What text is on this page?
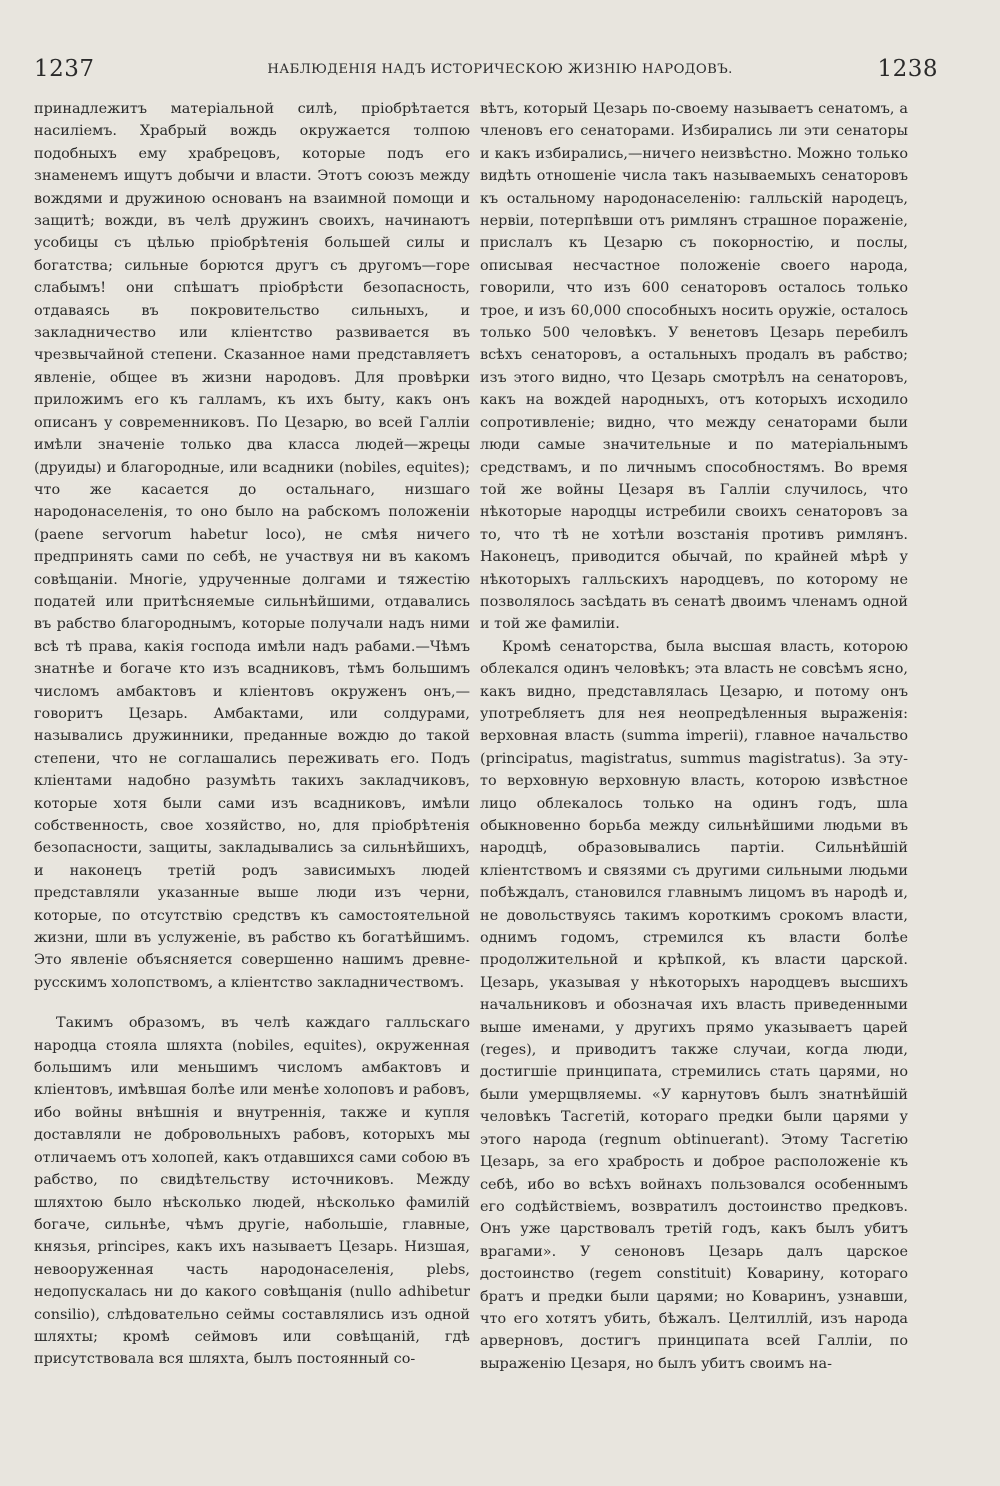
1237	НАБЛЮДЕНІЯ НАДЪ ИСТОРИЧЕСКОЮ ЖИЗНІЮ НАРОДОВЪ.	1238

принадлежитъ матеріальной силѣ, пріобрѣтается насиліемъ. Храбрый вождь окружается толпою подобныхъ ему храбрецовъ, которые подъ его знаменемъ ищутъ добычи и власти. Этотъ союзъ между вождями и дружиною основанъ на взаимной помощи и защитѣ; вожди, въ челѣ дружинъ своихъ, начинаютъ усобицы съ цѣлью пріобрѣтенія большей силы и богатства; сильные борются другъ съ другомъ—горе слабымъ! они спѣшатъ пріобрѣсти безопасность, отдаваясь въ покровительство сильныхъ, и закладничество или кліентство развивается въ чрезвычайной степени. Сказанное нами представляетъ явленіе, общее въ жизни народовъ. Для провѣрки приложимъ его къ галламъ, къ ихъ быту, какъ онъ описанъ у современниковъ. По Цезарю, во всей Галліи имѣли значеніе только два класса людей—жрецы (друиды) и благородные, или всадники (nobiles, equites); что же касается до остальнаго, низшаго народонаселенія, то оно было на рабскомъ положеніи (paene servorum habetur loco), не смѣя ничего предпринять сами по себѣ, не участвуя ни въ какомъ совѣщаніи. Многіе, удрученные долгами и тяжестію податей или притѣсняемые сильнѣйшими, отдавались въ рабство благороднымъ, которые получали надъ ними всѣ тѣ права, какія господа имѣли надъ рабами.—Чѣмъ знатнѣе и богаче кто изъ всадниковъ, тѣмъ большимъ числомъ амбактовъ и кліентовъ окруженъ онъ,—говоритъ Цезарь. Амбактами, или солдурами, назывались дружинники, преданные вождю до такой степени, что не соглашались переживать его. Подъ кліентами надобно разумѣть такихъ закладчиковъ, которые хотя были сами изъ всадниковъ, имѣли собственность, свое хозяйство, но, для пріобрѣтенія безопасности, защиты, закладывались за сильнѣйшихъ, и наконецъ третій родъ зависимыхъ людей представляли указанные выше люди изъ черни, которые, по отсутствію средствъ къ самостоятельной жизни, шли въ услуженіе, въ рабство къ богатѣйшимъ. Это явленіе объясняется совершенно нашимъ древне-русскимъ холопствомъ, а кліентство закладничествомъ.

Такимъ образомъ, въ челѣ каждаго галльскаго народца стояла шляхта (nobiles, equites), окруженная большимъ или меньшимъ числомъ амбактовъ и кліентовъ, имѣвшая болѣе или менѣе холоповъ и рабовъ, ибо войны внѣшнія и внутреннія, также и купля доставляли не добровольныхъ рабовъ, которыхъ мы отличаемъ отъ холопей, какъ отдавшихся сами собою въ рабство, по свидѣтельству источниковъ. Между шляхтою было нѣсколько людей, нѣсколько фамилій богаче, сильнѣе, чѣмъ другіе, набольшіе, главные, князья, principes, какъ ихъ называетъ Цезарь. Низшая, невооруженная часть народонаселенія, plebs, недопускалась ни до какого совѣщанія (nullo adhibetur consilio), слѣдовательно сеймы составлялись изъ одной шляхты; кромѣ сеймовъ или совѣщаній, гдѣ присутствовала вся шляхта, былъ постоянный со-

вѣтъ, который Цезарь по-своему называетъ сенатомъ, а членовъ его сенаторами. Избирались ли эти сенаторы и какъ избирались,—ничего неизвѣстно. Можно только видѣть отношеніе числа такъ называемыхъ сенаторовъ къ остальному народонаселенію: галльскій народецъ, нервіи, потерпѣвши отъ римлянъ страшное пораженіе, прислалъ къ Цезарю съ покорностію, и послы, описывая несчастное положеніе своего народа, говорили, что изъ 600 сенаторовъ осталось только трое, и изъ 60,000 способныхъ носить оружіе, осталось только 500 человѣкъ. У венетовъ Цезарь перебилъ всѣхъ сенаторовъ, а остальныхъ продалъ въ рабство; изъ этого видно, что Цезарь смотрѣлъ на сенаторовъ, какъ на вождей народныхъ, отъ которыхъ исходило сопротивленіе; видно, что между сенаторами были люди самые значительные и по матеріальнымъ средствамъ, и по личнымъ способностямъ. Во время той же войны Цезаря въ Галліи случилось, что нѣкоторые народцы истребили своихъ сенаторовъ за то, что тѣ не хотѣли возстанія противъ римлянъ. Наконецъ, приводится обычай, по крайней мѣрѣ у нѣкоторыхъ галльскихъ народцевъ, по которому не позволялось засѣдать въ сенатѣ двоимъ членамъ одной и той же фамиліи.

Кромѣ сенаторства, была высшая власть, которою облекался одинъ человѣкъ; эта власть не совсѣмъ ясно, какъ видно, представлялась Цезарю, и потому онъ употребляетъ для нея неопредѣленныя выраженія: верховная власть (summa imperii), главное начальство (principatus, magistratus, summus magistratus). За эту-то верховную верховную власть, которою извѣстное лицо облекалось только на одинъ годъ, шла обыкновенно борьба между сильнѣйшими людьми въ народцѣ, образовывались партіи. Сильнѣйшій кліентствомъ и связями съ другими сильными людьми побѣждалъ, становился главнымъ лицомъ въ народѣ и, не довольствуясь такимъ короткимъ срокомъ власти, однимъ годомъ, стремился къ власти болѣе продолжительной и крѣпкой, къ власти царской. Цезарь, указывая у нѣкоторыхъ народцевъ высшихъ начальниковъ и обозначая ихъ власть приведенными выше именами, у другихъ прямо указываетъ царей (reges), и приводитъ также случаи, когда люди, достигшіе принципата, стремились стать царями, но были умерщвляемы. «У карнутовъ былъ знатнѣйшій человѣкъ Тасгетій, котораго предки были царями у этого народа (regnum obtinuerant). Этому Тасгетію Цезарь, за его храбрость и доброе расположеніе къ себѣ, ибо во всѣхъ войнахъ пользовался особеннымъ его содѣйствіемъ, возвратилъ достоинство предковъ. Онъ уже царствовалъ третій годъ, какъ былъ убитъ врагами». У сеноновъ Цезарь далъ царское достоинство (regem constituit) Коварину, котораго братъ и предки были царями; но Коваринъ, узнавши, что его хотятъ убить, бѣжалъ. Целтиллій, изъ народа арверновъ, достигъ принципата всей Галліи, по выраженію Цезаря, но былъ убитъ своимъ на-
